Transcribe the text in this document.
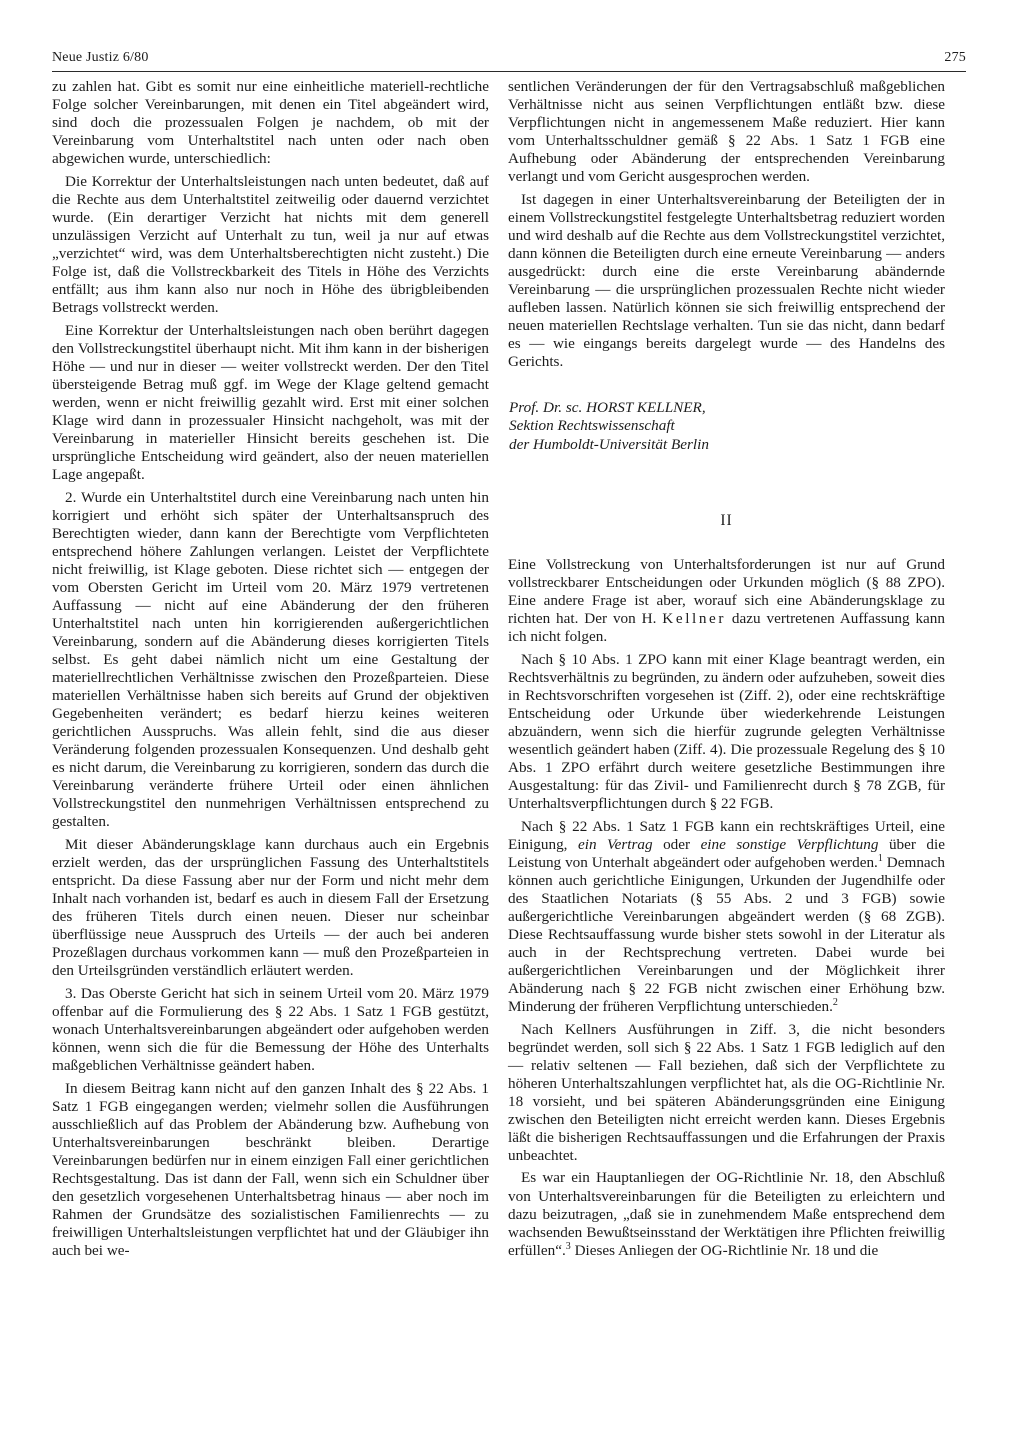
Neue Justiz 6/80	275

zu zahlen hat. Gibt es somit nur eine einheitliche materiell-rechtliche Folge solcher Vereinbarungen, mit denen ein Titel abgeändert wird, sind doch die prozessualen Folgen je nachdem, ob mit der Vereinbarung vom Unterhaltstitel nach unten oder nach oben abgewichen wurde, unterschiedlich:

Die Korrektur der Unterhaltsleistungen nach unten bedeutet, daß auf die Rechte aus dem Unterhaltstitel zeitweilig oder dauernd verzichtet wurde. (Ein derartiger Verzicht hat nichts mit dem generell unzulässigen Verzicht auf Unterhalt zu tun, weil ja nur auf etwas „verzichtet“ wird, was dem Unterhaltsberechtigten nicht zusteht.) Die Folge ist, daß die Vollstreckbarkeit des Titels in Höhe des Verzichts entfällt; aus ihm kann also nur noch in Höhe des übrigbleibenden Betrags vollstreckt werden.

Eine Korrektur der Unterhaltsleistungen nach oben berührt dagegen den Vollstreckungstitel überhaupt nicht. Mit ihm kann in der bisherigen Höhe — und nur in dieser — weiter vollstreckt werden. Der den Titel übersteigende Betrag muß ggf. im Wege der Klage geltend gemacht werden, wenn er nicht freiwillig gezahlt wird. Erst mit einer solchen Klage wird dann in prozessualer Hinsicht nachgeholt, was mit der Vereinbarung in materieller Hinsicht bereits geschehen ist. Die ursprüngliche Entscheidung wird geändert, also der neuen materiellen Lage angepaßt.

2. Wurde ein Unterhaltstitel durch eine Vereinbarung nach unten hin korrigiert und erhöht sich später der Unterhaltsanspruch des Berechtigten wieder, dann kann der Berechtigte vom Verpflichteten entsprechend höhere Zahlungen verlangen. Leistet der Verpflichtete nicht freiwillig, ist Klage geboten. Diese richtet sich — entgegen der vom Obersten Gericht im Urteil vom 20. März 1979 vertretenen Auffassung — nicht auf eine Abänderung der den früheren Unterhaltstitel nach unten hin korrigierenden außergerichtlichen Vereinbarung, sondern auf die Abänderung dieses korrigierten Titels selbst. Es geht dabei nämlich nicht um eine Gestaltung der materiellrechtlichen Verhältnisse zwischen den Prozeßparteien. Diese materiellen Verhältnisse haben sich bereits auf Grund der objektiven Gegebenheiten verändert; es bedarf hierzu keines weiteren gerichtlichen Ausspruchs. Was allein fehlt, sind die aus dieser Veränderung folgenden prozessualen Konsequenzen. Und deshalb geht es nicht darum, die Vereinbarung zu korrigieren, sondern das durch die Vereinbarung veränderte frühere Urteil oder einen ähnlichen Vollstreckungstitel den nunmehrigen Verhältnissen entsprechend zu gestalten.

Mit dieser Abänderungsklage kann durchaus auch ein Ergebnis erzielt werden, das der ursprünglichen Fassung des Unterhaltstitels entspricht. Da diese Fassung aber nur der Form und nicht mehr dem Inhalt nach vorhanden ist, bedarf es auch in diesem Fall der Ersetzung des früheren Titels durch einen neuen. Dieser nur scheinbar überflüssige neue Ausspruch des Urteils — der auch bei anderen Prozeßlagen durchaus vorkommen kann — muß den Prozeßparteien in den Urteilsgründen verständlich erläutert werden.

3. Das Oberste Gericht hat sich in seinem Urteil vom 20. März 1979 offenbar auf die Formulierung des § 22 Abs. 1 Satz 1 FGB gestützt, wonach Unterhaltsvereinbarungen abgeändert oder aufgehoben werden können, wenn sich die für die Bemessung der Höhe des Unterhalts maßgeblichen Verhältnisse geändert haben.

In diesem Beitrag kann nicht auf den ganzen Inhalt des § 22 Abs. 1 Satz 1 FGB eingegangen werden; vielmehr sollen die Ausführungen ausschließlich auf das Problem der Abänderung bzw. Aufhebung von Unterhaltsvereinbarungen beschränkt bleiben. Derartige Vereinbarungen bedürfen nur in einem einzigen Fall einer gerichtlichen Rechtsgestaltung. Das ist dann der Fall, wenn sich ein Schuldner über den gesetzlich vorgesehenen Unterhaltsbetrag hinaus — aber noch im Rahmen der Grundsätze des sozialistischen Familienrechts — zu freiwilligen Unterhaltsleistungen verpflichtet hat und der Gläubiger ihn auch bei we-

sentlichen Veränderungen der für den Vertragsabschluß maßgeblichen Verhältnisse nicht aus seinen Verpflichtungen entläßt bzw. diese Verpflichtungen nicht in angemessenem Maße reduziert. Hier kann vom Unterhaltsschuldner gemäß § 22 Abs. 1 Satz 1 FGB eine Aufhebung oder Abänderung der entsprechenden Vereinbarung verlangt und vom Gericht ausgesprochen werden.

Ist dagegen in einer Unterhaltsvereinbarung der Beteiligten der in einem Vollstreckungstitel festgelegte Unterhaltsbetrag reduziert worden und wird deshalb auf die Rechte aus dem Vollstreckungstitel verzichtet, dann können die Beteiligten durch eine erneute Vereinbarung — anders ausgedrückt: durch eine die erste Vereinbarung abändernde Vereinbarung — die ursprünglichen prozessualen Rechte nicht wieder aufleben lassen. Natürlich können sie sich freiwillig entsprechend der neuen materiellen Rechtslage verhalten. Tun sie das nicht, dann bedarf es — wie eingangs bereits dargelegt wurde — des Handelns des Gerichts.

Prof. Dr. sc. HORST KELLNER,
Sektion Rechtswissenschaft
der Humboldt-Universität Berlin
II

Eine Vollstreckung von Unterhaltsforderungen ist nur auf Grund vollstreckbarer Entscheidungen oder Urkunden möglich (§ 88 ZPO). Eine andere Frage ist aber, worauf sich eine Abänderungsklage zu richten hat. Der von H. Kellner dazu vertretenen Auffassung kann ich nicht folgen.

Nach § 10 Abs. 1 ZPO kann mit einer Klage beantragt werden, ein Rechtsverhältnis zu begründen, zu ändern oder aufzuheben, soweit dies in Rechtsvorschriften vorgesehen ist (Ziff. 2), oder eine rechtskräftige Entscheidung oder Urkunde über wiederkehrende Leistungen abzuändern, wenn sich die hierfür zugrunde gelegten Verhältnisse wesentlich geändert haben (Ziff. 4). Die prozessuale Regelung des § 10 Abs. 1 ZPO erfährt durch weitere gesetzliche Bestimmungen ihre Ausgestaltung: für das Zivil- und Familienrecht durch § 78 ZGB, für Unterhaltsverpflichtungen durch § 22 FGB.

Nach § 22 Abs. 1 Satz 1 FGB kann ein rechtskräftiges Urteil, eine Einigung, ein Vertrag oder eine sonstige Verpflichtung über die Leistung von Unterhalt abgeändert oder aufgehoben werden.$^1$ Demnach können auch gerichtliche Einigungen, Urkunden der Jugendhilfe oder des Staatlichen Notariats (§ 55 Abs. 2 und 3 FGB) sowie außergerichtliche Vereinbarungen abgeändert werden (§ 68 ZGB). Diese Rechtsauffassung wurde bisher stets sowohl in der Literatur als auch in der Rechtsprechung vertreten. Dabei wurde bei außergerichtlichen Vereinbarungen und der Möglichkeit ihrer Abänderung nach § 22 FGB nicht zwischen einer Erhöhung bzw. Minderung der früheren Verpflichtung unterschieden.$^2$

Nach Kellners Ausführungen in Ziff. 3, die nicht besonders begründet werden, soll sich § 22 Abs. 1 Satz 1 FGB lediglich auf den — relativ seltenen — Fall beziehen, daß sich der Verpflichtete zu höheren Unterhaltszahlungen verpflichtet hat, als die OG-Richtlinie Nr. 18 vorsieht, und bei späteren Abänderungsgründen eine Einigung zwischen den Beteiligten nicht erreicht werden kann. Dieses Ergebnis läßt die bisherigen Rechtsauffassungen und die Erfahrungen der Praxis unbeachtet.

Es war ein Hauptanliegen der OG-Richtlinie Nr. 18, den Abschluß von Unterhaltsvereinbarungen für die Beteiligten zu erleichtern und dazu beizutragen, „daß sie in zunehmendem Maße entsprechend dem wachsenden Bewußtseinsstand der Werktätigen ihre Pflichten freiwillig erfüllen“.$^3$ Dieses Anliegen der OG-Richtlinie Nr. 18 und die
